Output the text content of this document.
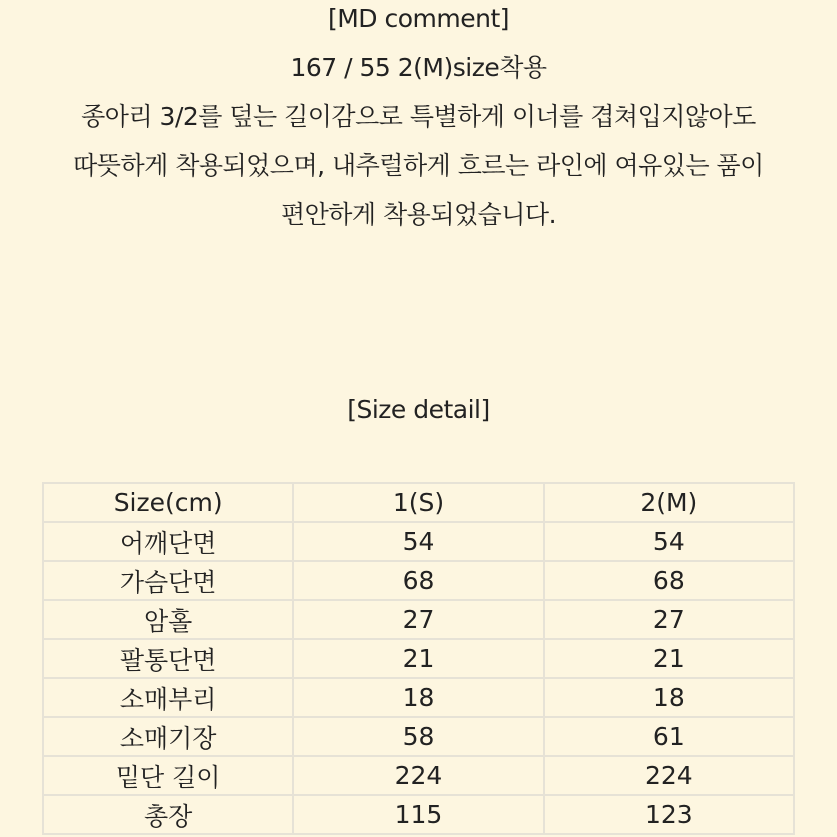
[MD comment]
167 / 55 2(M)size착용
종아리 3/2를 덮는 길이감으로 특별하게 이너를 겹쳐입지않아도
따뜻하게 착용되었으며, 내추럴하게 흐르는 라인에 여유있는 품이
편안하게 착용되었습니다.
[Size detail]
Size(cm)	1(S)	2(M)
어깨단면	54	54
가슴단면	68	68
암홀	27	27
팔통단면	21	21
소매부리	18	18
소매기장	58	61
밑단 길이	224	224
총장	115	123
